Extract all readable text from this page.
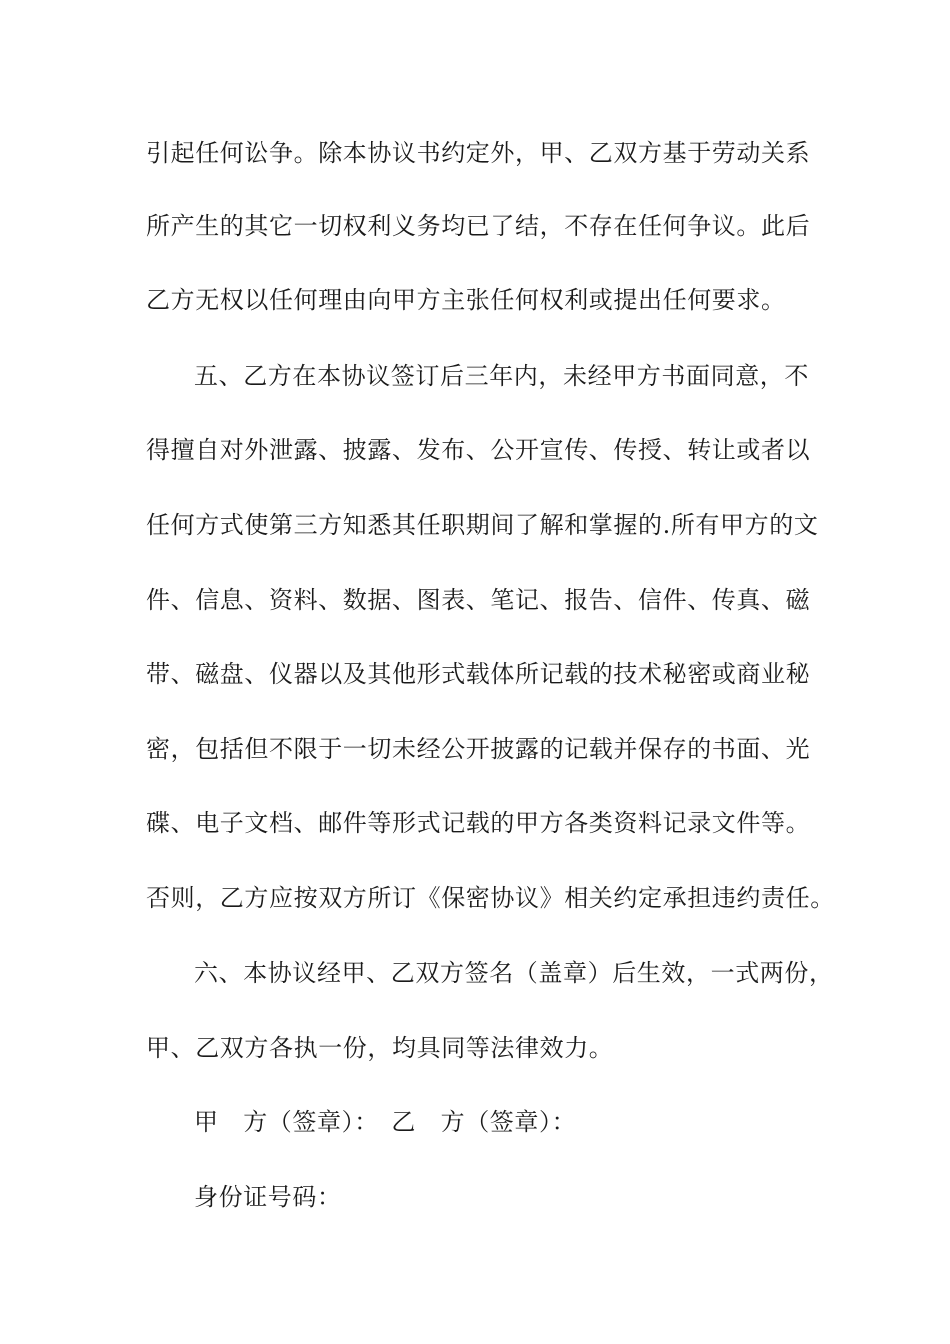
引起任何讼争。除本协议书约定外，甲、乙双方基于劳动关系
所产生的其它一切权利义务均已了结，不存在任何争议。此后
乙方无权以任何理由向甲方主张任何权利或提出任何要求。
五、乙方在本协议签订后三年内，未经甲方书面同意，不
得擅自对外泄露、披露、发布、公开宣传、传授、转让或者以
任何方式使第三方知悉其任职期间了解和掌握的.所有甲方的文
件、信息、资料、数据、图表、笔记、报告、信件、传真、磁
带、磁盘、仪器以及其他形式载体所记载的技术秘密或商业秘
密，包括但不限于一切未经公开披露的记载并保存的书面、光
碟、电子文档、邮件等形式记载的甲方各类资料记录文件等。
否则，乙方应按双方所订《保密协议》相关约定承担违约责任。
六、本协议经甲、乙双方签名（盖章）后生效，一式两份，
甲、乙双方各执一份，均具同等法律效力。
甲　方（签章）：　乙　方（签章）：
身份证号码：
